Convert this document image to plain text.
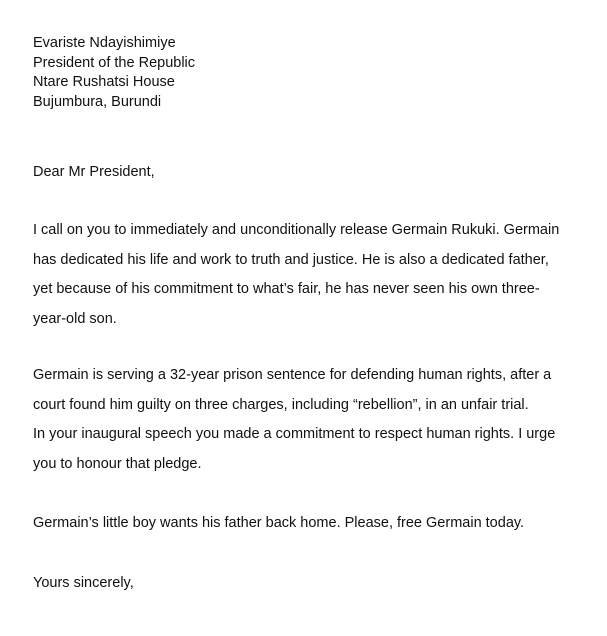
Evariste Ndayishimiye
President of the Republic
Ntare Rushatsi House
Bujumbura, Burundi
Dear Mr President,
I call on you to immediately and unconditionally release Germain Rukuki. Germain
has dedicated his life and work to truth and justice. He is also a dedicated father,
yet because of his commitment to what’s fair, he has never seen his own three-
year-old son.
Germain is serving a 32-year prison sentence for defending human rights, after a
court found him guilty on three charges, including “rebellion”, in an unfair trial.
In your inaugural speech you made a commitment to respect human rights. I urge
you to honour that pledge.
Germain’s little boy wants his father back home. Please, free Germain today.
Yours sincerely,
